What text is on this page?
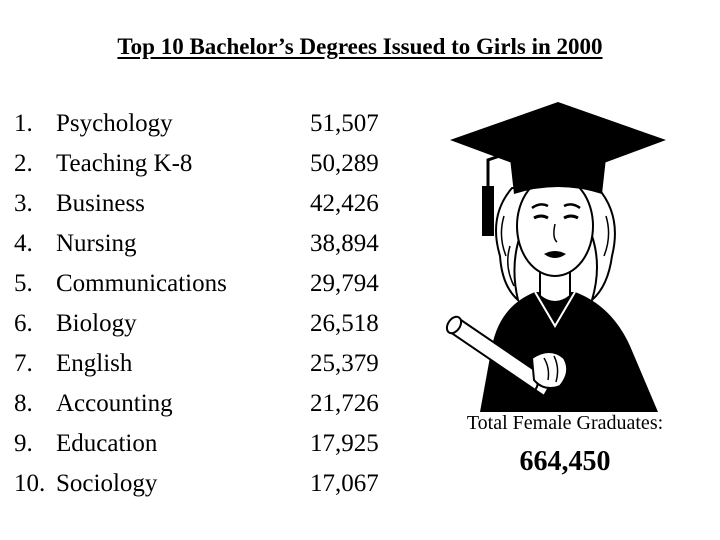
Top 10 Bachelor’s Degrees Issued to Girls in 2000
1. Psychology	51,507
2. Teaching K-8	50,289
3. Business	42,426
4. Nursing	38,894
5. Communications	29,794
6. Biology	26,518
7. English	25,379
8. Accounting	21,726
9. Education	17,925
10. Sociology	17,067
Total Female Graduates:
664,450
